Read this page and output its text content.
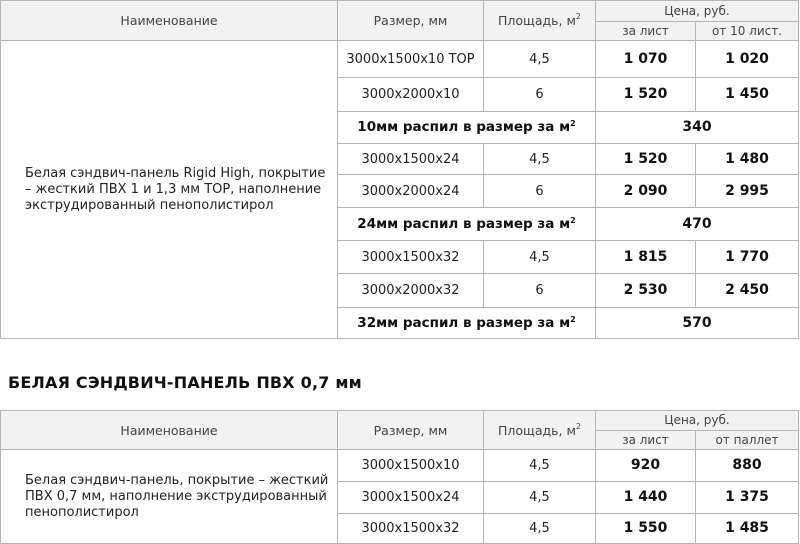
Наименование	Размер, мм	Площадь, $м^2$	Цена, руб.	
			за лист	от 10 лист.
Белая сэндвич-панель Rigid High, покрытие – жесткий ПВХ 1 и 1,3 мм TOP, наполнение экструдированный пенополистирол	3000x1500x10 TOP	4,5	1 070	1 020
	3000x2000x10	6	1 520	1 450
	10мм распил в размер за $м^2$		340	
	3000x1500x24	4,5	1 520	1 480
	3000x2000x24	6	2 090	2 995
	24мм распил в размер за $м^2$		470	
	3000x1500x32	4,5	1 815	1 770
	3000x2000x32	6	2 530	2 450
	32мм распил в размер за $м^2$		570	
БЕЛАЯ СЭНДВИЧ-ПАНЕЛЬ ПВХ 0,7 мм
Наименование	Размер, мм	Площадь, $м^2$	Цена, руб.	
			за лист	от паллет
Белая сэндвич-панель, покрытие – жесткий ПВХ 0,7 мм, наполнение экструдированный пенополистирол	3000x1500x10	4,5	920	880
	3000x1500x24	4,5	1 440	1 375
	3000x1500x32	4,5	1 550	1 485
